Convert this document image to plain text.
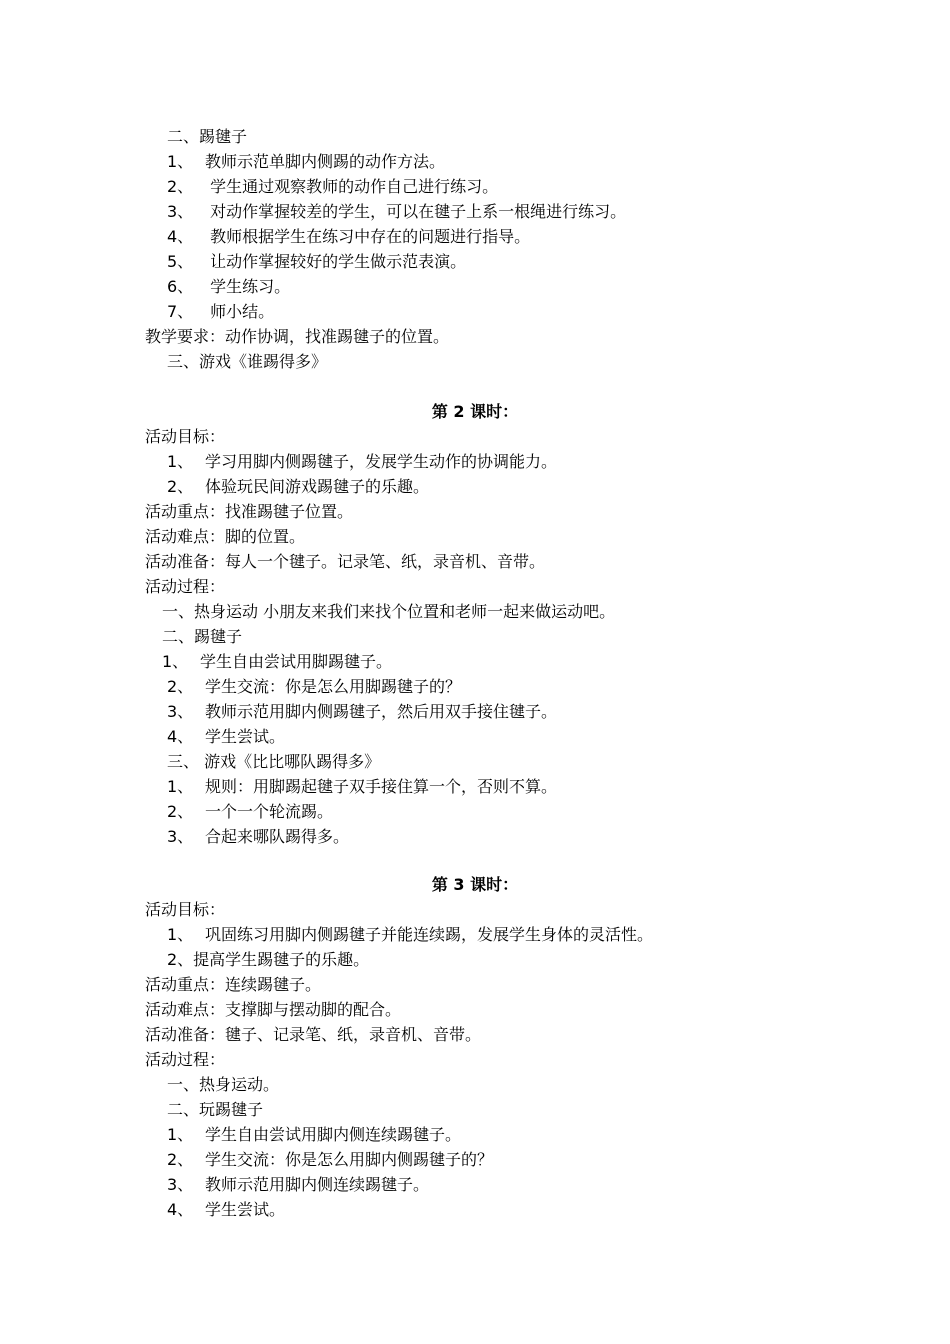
二、踢毽子
1、 教师示范单脚内侧踢的动作方法。
2、 学生通过观察教师的动作自己进行练习。
3、 对动作掌握较差的学生，可以在毽子上系一根绳进行练习。
4、 教师根据学生在练习中存在的问题进行指导。
5、 让动作掌握较好的学生做示范表演。
6、 学生练习。
7、 师小结。
教学要求：动作协调，找准踢毽子的位置。
三、游戏《谁踢得多》
第 2 课时：
活动目标：
1、 学习用脚内侧踢毽子，发展学生动作的协调能力。
2、 体验玩民间游戏踢毽子的乐趣。
活动重点：找准踢毽子位置。
活动难点：脚的位置。
活动准备：每人一个毽子。记录笔、纸，录音机、音带。
活动过程：
一、热身运动 小朋友来我们来找个位置和老师一起来做运动吧。
二、踢毽子
1、 学生自由尝试用脚踢毽子。
2、 学生交流：你是怎么用脚踢毽子的？
3、 教师示范用脚内侧踢毽子，然后用双手接住毽子。
4、 学生尝试。
三、 游戏《比比哪队踢得多》
1、 规则：用脚踢起毽子双手接住算一个，否则不算。
2、 一个一个轮流踢。
3、 合起来哪队踢得多。
第 3 课时：
活动目标：
1、 巩固练习用脚内侧踢毽子并能连续踢，发展学生身体的灵活性。
2、提高学生踢毽子的乐趣。
活动重点：连续踢毽子。
活动难点：支撑脚与摆动脚的配合。
活动准备：毽子、记录笔、纸，录音机、音带。
活动过程：
一、热身运动。
二、玩踢毽子
1、 学生自由尝试用脚内侧连续踢毽子。
2、 学生交流：你是怎么用脚内侧踢毽子的？
3、 教师示范用脚内侧连续踢毽子。
4、 学生尝试。
